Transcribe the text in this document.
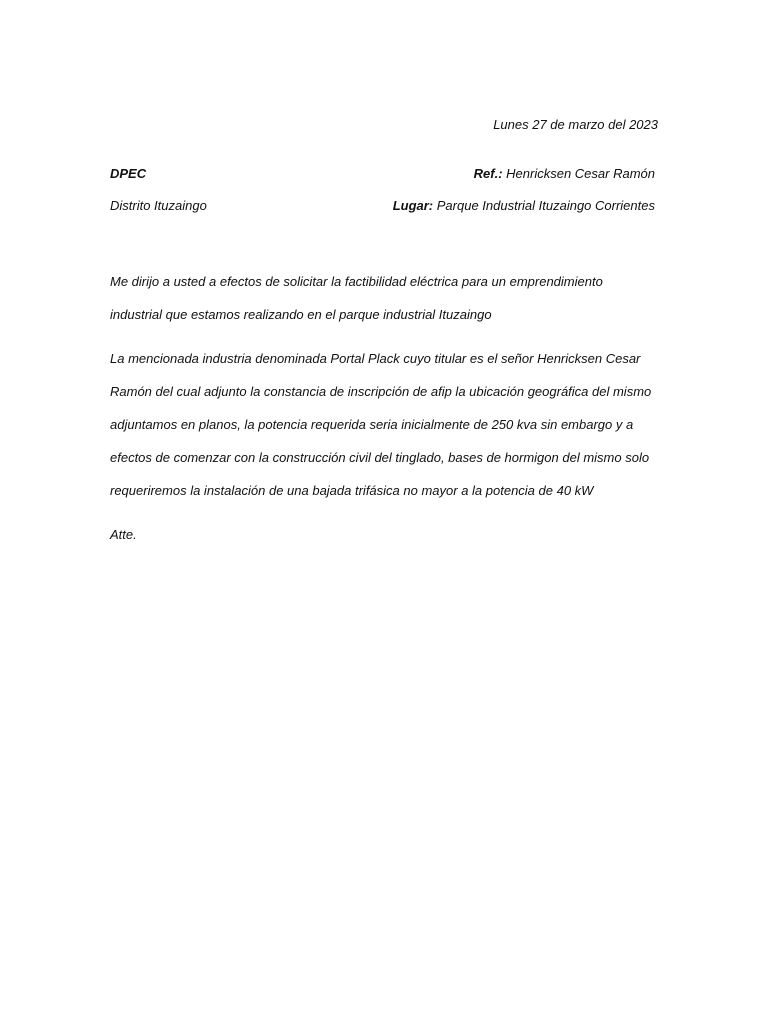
Lunes 27 de marzo del 2023
DPEC	Ref.: Henricksen Cesar Ramón
Distrito Ituzaingo	Lugar: Parque Industrial Ituzaingo Corrientes
Me dirijo a usted a efectos de solicitar la factibilidad eléctrica para un emprendimiento
industrial que estamos realizando en el parque industrial Ituzaingo
La mencionada industria denominada Portal Plack cuyo titular es el señor Henricksen Cesar
Ramón del cual adjunto la constancia de inscripción de afip la ubicación geográfica del mismo
adjuntamos en planos, la potencia requerida seria inicialmente de 250 kva sin embargo y a
efectos de comenzar con la construcción civil del tinglado, bases de hormigon del mismo solo
requeriremos la instalación de una bajada trifásica no mayor a la potencia de 40 kW
Atte.
